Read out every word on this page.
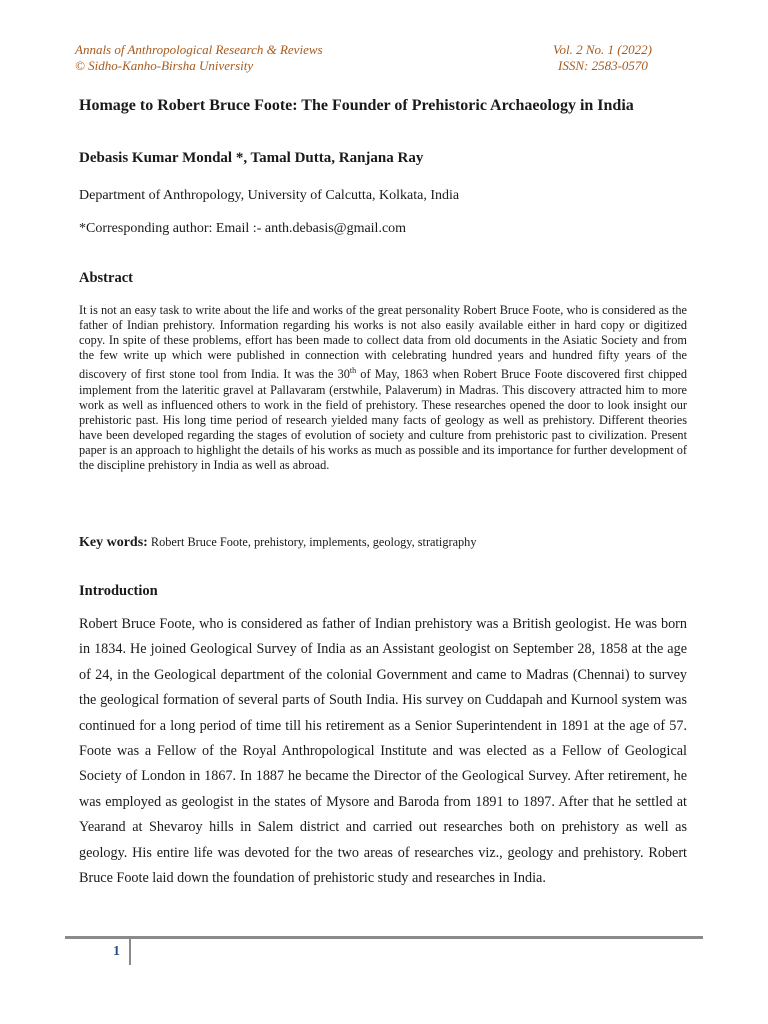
Annals of Anthropological Research & Reviews
© Sidho-Kanho-Birsha University
Vol. 2 No. 1 (2022)
ISSN: 2583-0570
Homage to Robert Bruce Foote: The Founder of Prehistoric Archaeology in India
Debasis Kumar Mondal *, Tamal Dutta, Ranjana Ray
Department of Anthropology, University of Calcutta, Kolkata, India
*Corresponding author: Email :- anth.debasis@gmail.com
Abstract
It is not an easy task to write about the life and works of the great personality Robert Bruce Foote, who is considered as the father of Indian prehistory. Information regarding his works is not also easily available either in hard copy or digitized copy. In spite of these problems, effort has been made to collect data from old documents in the Asiatic Society and from the few write up which were published in connection with celebrating hundred years and hundred fifty years of the discovery of first stone tool from India. It was the 30th of May, 1863 when Robert Bruce Foote discovered first chipped implement from the lateritic gravel at Pallavaram (erstwhile, Palaverum) in Madras. This discovery attracted him to more work as well as influenced others to work in the field of prehistory. These researches opened the door to look insight our prehistoric past. His long time period of research yielded many facts of geology as well as prehistory. Different theories have been developed regarding the stages of evolution of society and culture from prehistoric past to civilization. Present paper is an approach to highlight the details of his works as much as possible and its importance for further development of the discipline prehistory in India as well as abroad.
Key words: Robert Bruce Foote, prehistory, implements, geology, stratigraphy
Introduction
Robert Bruce Foote, who is considered as father of Indian prehistory was a British geologist. He was born in 1834. He joined Geological Survey of India as an Assistant geologist on September 28, 1858 at the age of 24, in the Geological department of the colonial Government and came to Madras (Chennai) to survey the geological formation of several parts of South India. His survey on Cuddapah and Kurnool system was continued for a long period of time till his retirement as a Senior Superintendent in 1891 at the age of 57. Foote was a Fellow of the Royal Anthropological Institute and was elected as a Fellow of Geological Society of London in 1867. In 1887 he became the Director of the Geological Survey. After retirement, he was employed as geologist in the states of Mysore and Baroda from 1891 to 1897. After that he settled at Yearand at Shevaroy hills in Salem district and carried out researches both on prehistory as well as geology. His entire life was devoted for the two areas of researches viz., geology and prehistory. Robert Bruce Foote laid down the foundation of prehistoric study and researches in India.
1
